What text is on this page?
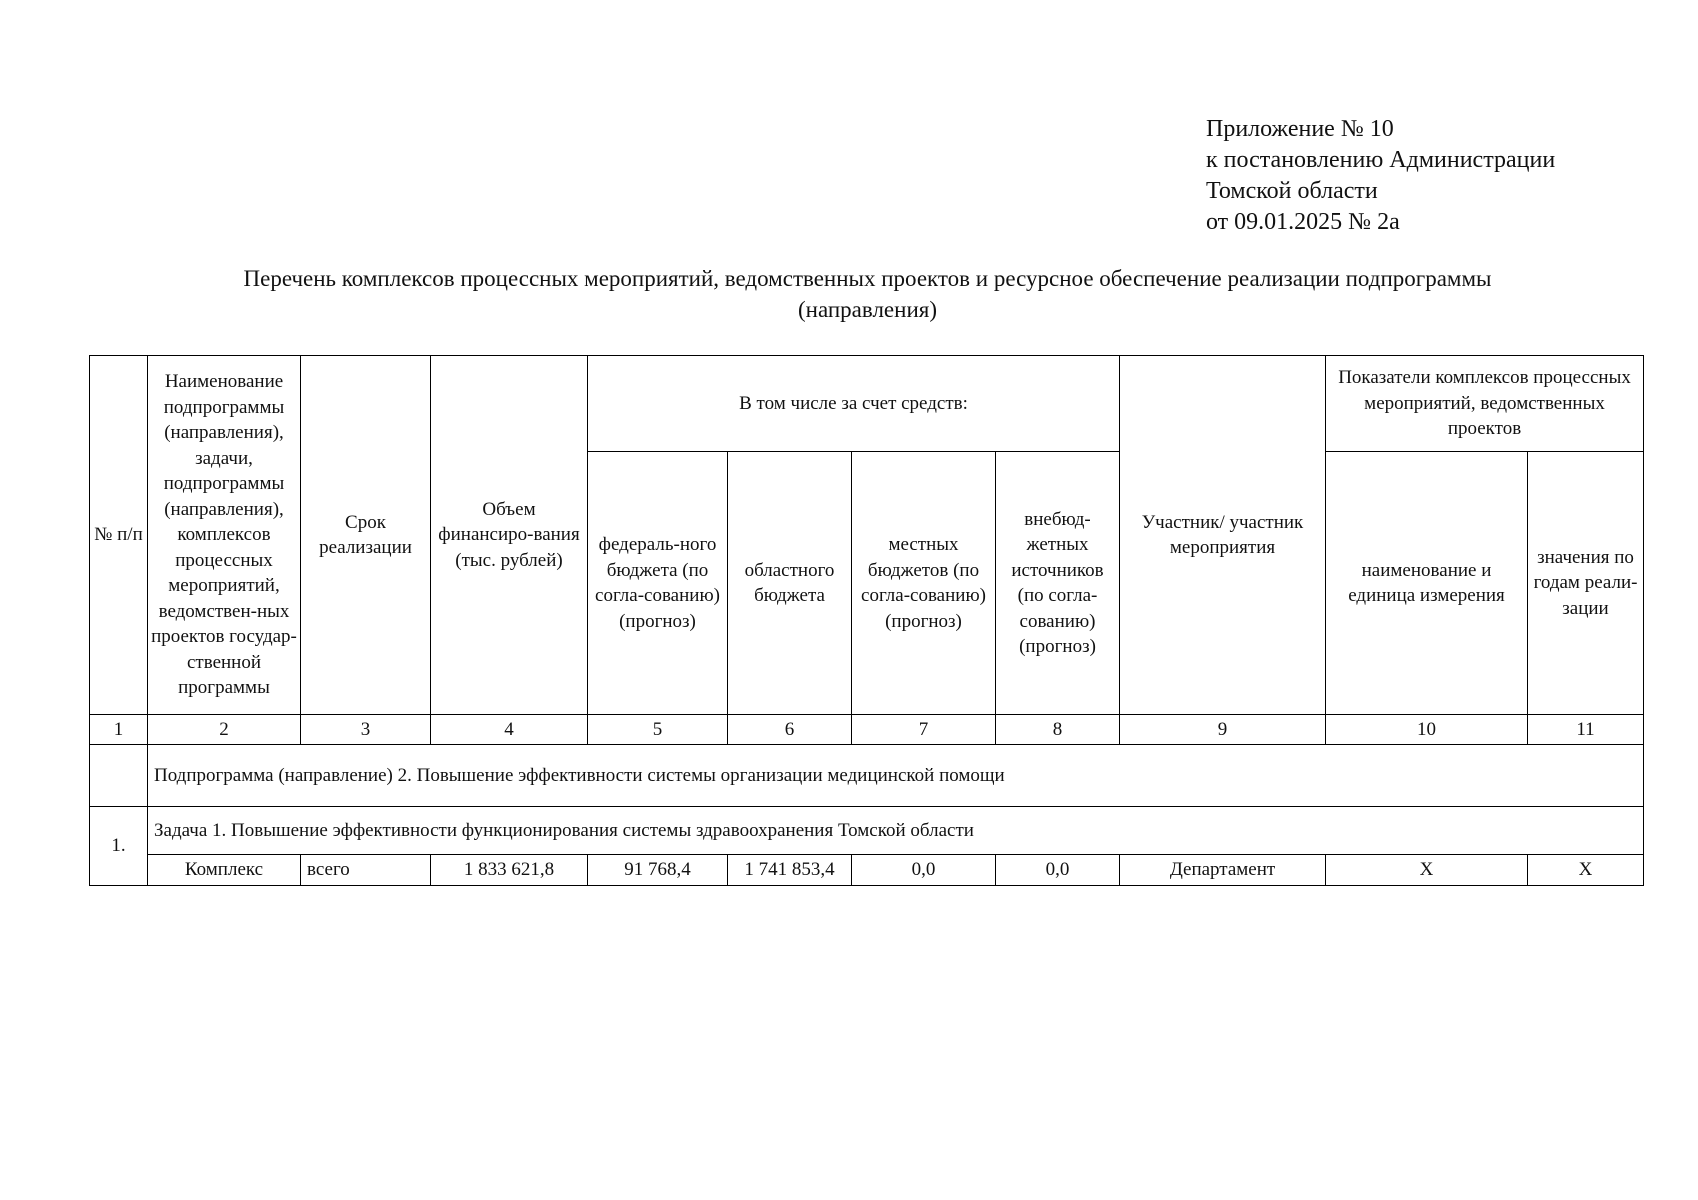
Приложение № 10
к постановлению Администрации
Томской области
от 09.01.2025 № 2а
Перечень комплексов процессных мероприятий, ведомственных проектов и ресурсное обеспечение реализации подпрограммы
(направления)
№ п/п	Наименование подпрограммы (направления), задачи, подпрограммы (направления), комплексов процессных мероприятий, ведомствен-ных проектов государ-ственной программы	Срок реализации	Объем финансиро-вания (тыс. рублей)	В том числе за счет средств:				Участник/ участник мероприятия	Показатели комплексов процессных мероприятий, ведомственных проектов	
				федераль-ного бюджета (по согла-сованию) (прогноз)	областного бюджета	местных бюджетов (по согла-сованию) (прогноз)	внебюд-жетных источников (по согла-сованию) (прогноз)		наименование и единица измерения	значения по годам реали-зации
1	2	3	4	5	6	7	8	9	10	11
	Подпрограмма (направление) 2. Повышение эффективности системы организации медицинской помощи									
1.	Задача 1. Повышение эффективности функционирования системы здравоохранения Томской области									
	Комплекс	всего	1 833 621,8	91 768,4	1 741 853,4	0,0	0,0	Департамент	Х	Х
